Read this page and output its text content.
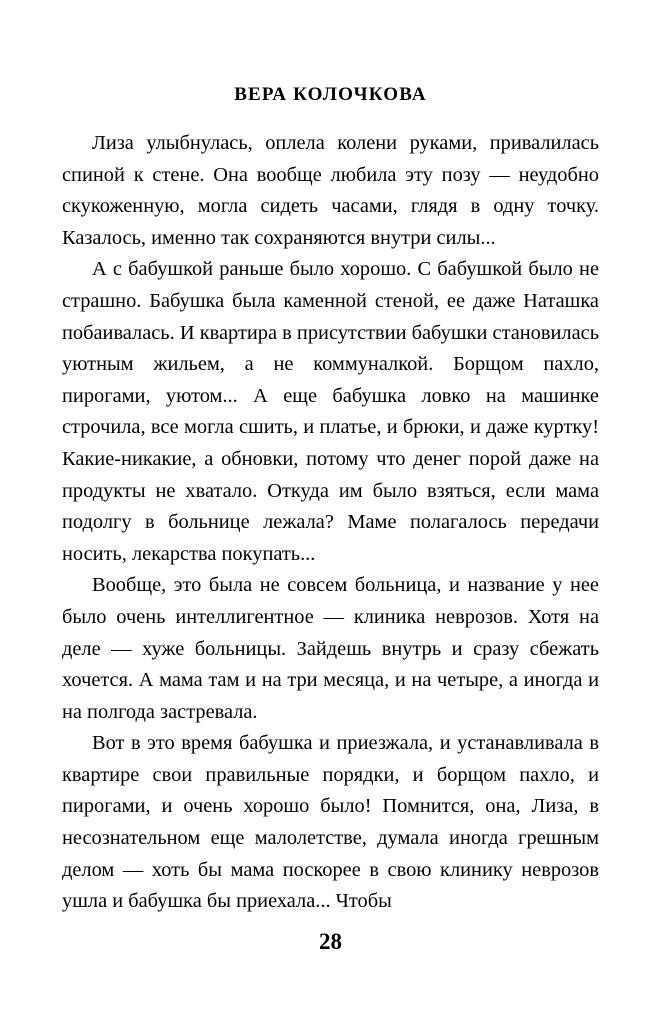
ВЕРА КОЛОЧКОВА

Лиза улыбнулась, оплела колени руками, привалилась спиной к стене. Она вообще любила эту позу — неудобно скукоженную, могла сидеть часами, глядя в одну точку. Казалось, именно так сохраняются внутри силы...

А с бабушкой раньше было хорошо. С бабушкой было не страшно. Бабушка была каменной стеной, ее даже Наташка побаивалась. И квартира в присутствии бабушки становилась уютным жильем, а не коммуналкой. Борщом пахло, пирогами, уютом... А еще бабушка ловко на машинке строчила, все могла сшить, и платье, и брюки, и даже куртку! Какие-никакие, а обновки, потому что денег порой даже на продукты не хватало. Откуда им было взяться, если мама подолгу в больнице лежала? Маме полагалось передачи носить, лекарства покупать...

Вообще, это была не совсем больница, и название у нее было очень интеллигентное — клиника неврозов. Хотя на деле — хуже больницы. Зайдешь внутрь и сразу сбежать хочется. А мама там и на три месяца, и на четыре, а иногда и на полгода застревала.

Вот в это время бабушка и приезжала, и устанавливала в квартире свои правильные порядки, и борщом пахло, и пирогами, и очень хорошо было! Помнится, она, Лиза, в несознательном еще малолетстве, думала иногда грешным делом — хоть бы мама поскорее в свою клинику неврозов ушла и бабушка бы приехала... Чтобы

28
